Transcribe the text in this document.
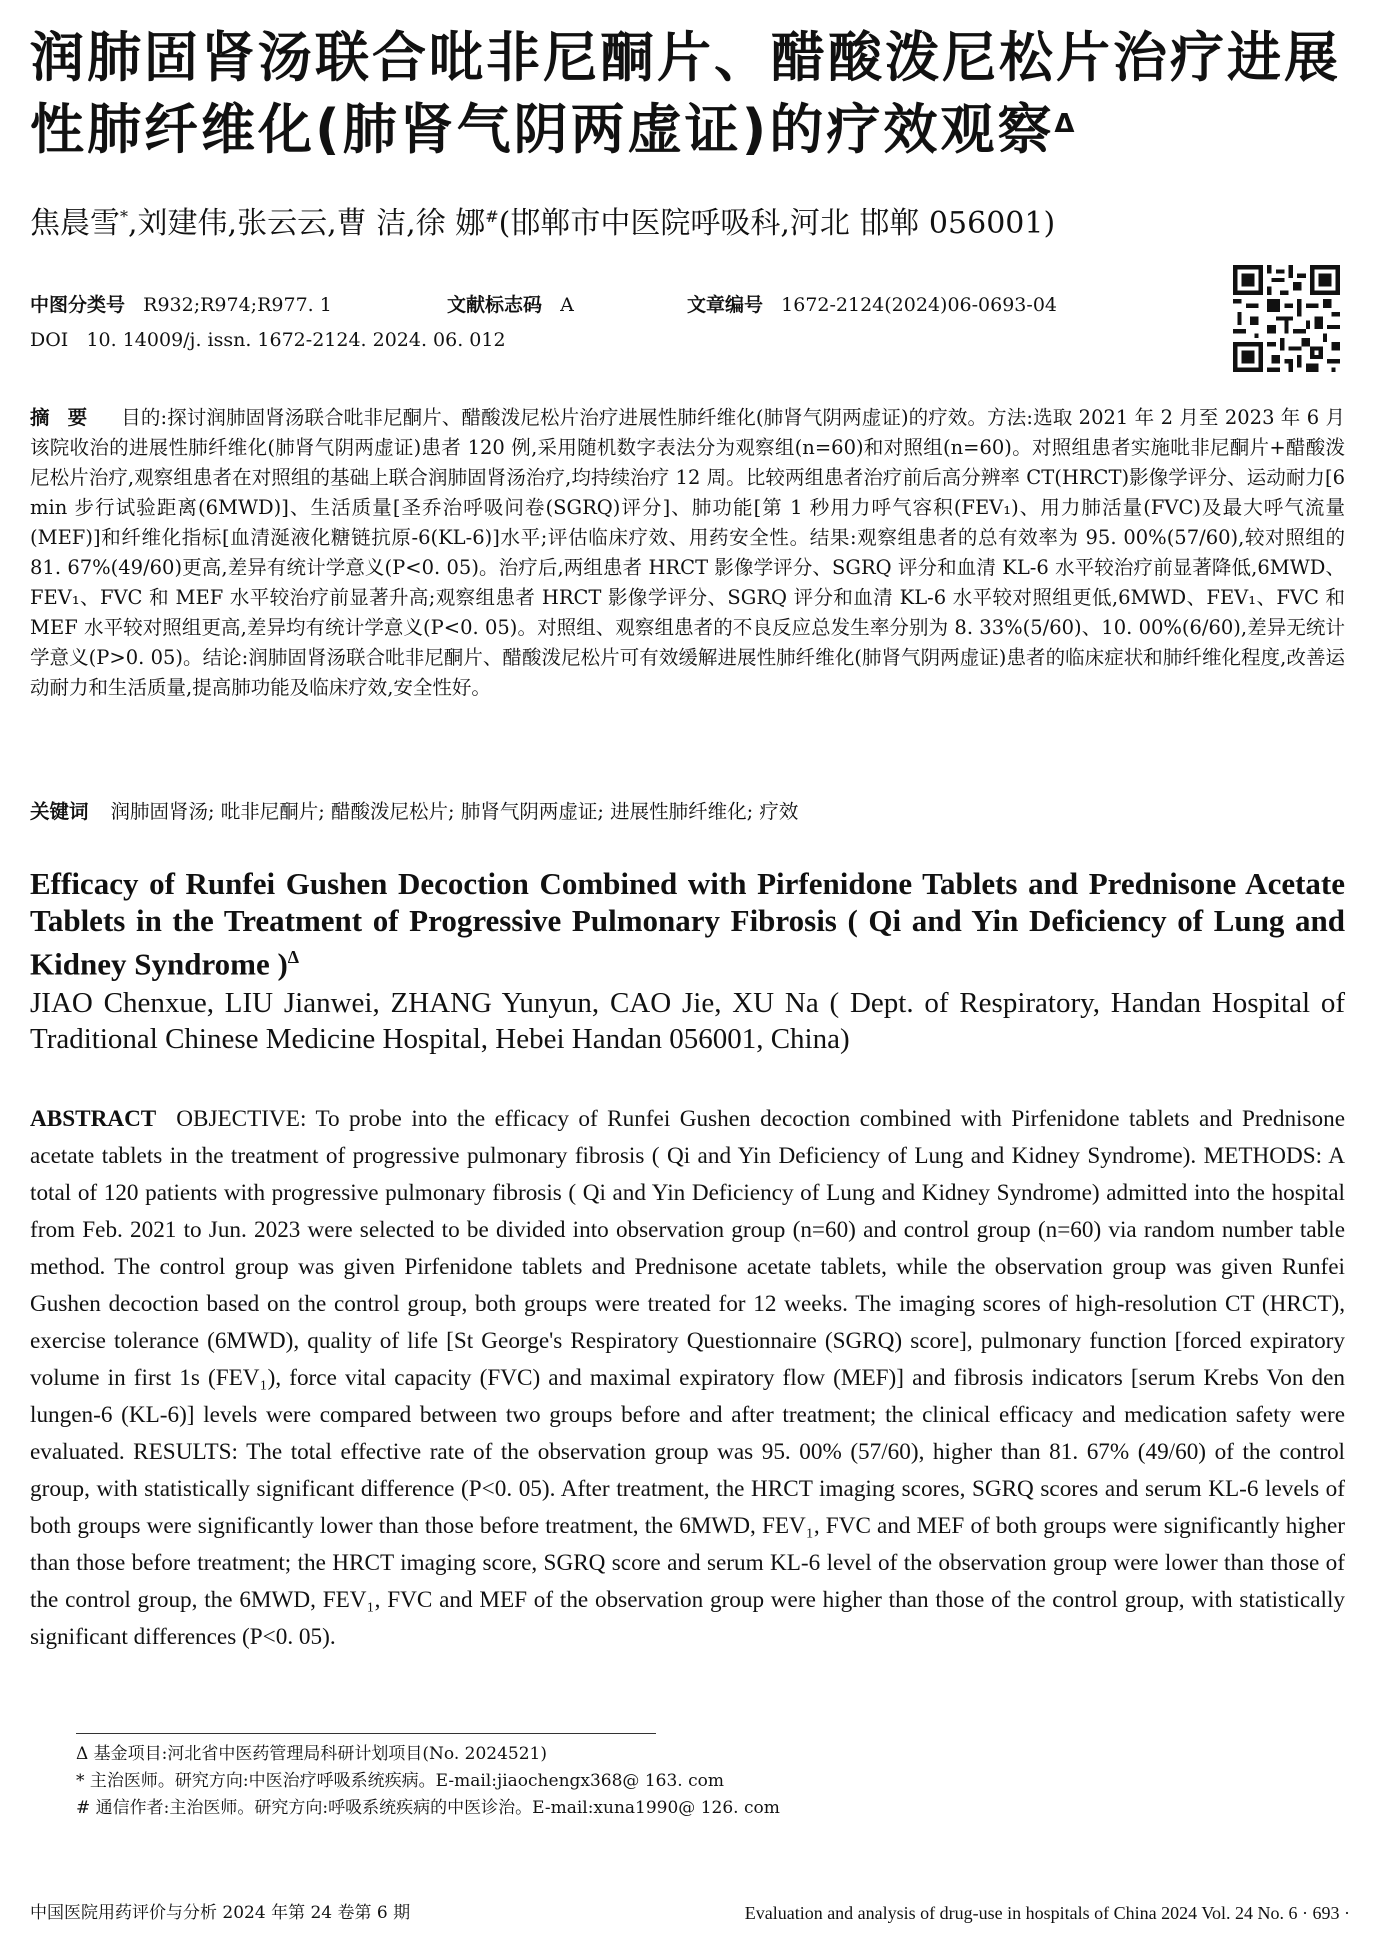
润肺固肾汤联合吡非尼酮片、醋酸泼尼松片治疗进展性肺纤维化(肺肾气阴两虚证)的疗效观察$^\Delta$

焦晨雪*,刘建伟,张云云,曹 洁,徐 娜#(邯郸市中医院呼吸科,河北 邯郸 056001)

中图分类号 R932;R974;R977. 1	文献标志码 A	文章编号 1672-2124(2024)06-0693-04
DOI 10. 14009/j. issn. 1672-2124. 2024. 06. 012

摘要 目的:探讨润肺固肾汤联合吡非尼酮片、醋酸泼尼松片治疗进展性肺纤维化(肺肾气阴两虚证)的疗效。方法:选取 2021 年 2 月至 2023 年 6 月该院收治的进展性肺纤维化(肺肾气阴两虚证)患者 120 例,采用随机数字表法分为观察组(n=60)和对照组(n=60)。对照组患者实施吡非尼酮片+醋酸泼尼松片治疗,观察组患者在对照组的基础上联合润肺固肾汤治疗,均持续治疗 12 周。比较两组患者治疗前后高分辨率 CT(HRCT)影像学评分、运动耐力[6 min 步行试验距离(6MWD)]、生活质量[圣乔治呼吸问卷(SGRQ)评分]、肺功能[第 1 秒用力呼气容积(FEV₁)、用力肺活量(FVC)及最大呼气流量(MEF)]和纤维化指标[血清涎液化糖链抗原-6(KL-6)]水平;评估临床疗效、用药安全性。结果:观察组患者的总有效率为 95. 00%(57/60),较对照组的 81. 67%(49/60)更高,差异有统计学意义(P<0. 05)。治疗后,两组患者 HRCT 影像学评分、SGRQ 评分和血清 KL-6 水平较治疗前显著降低,6MWD、FEV₁、FVC 和 MEF 水平较治疗前显著升高;观察组患者 HRCT 影像学评分、SGRQ 评分和血清 KL-6 水平较对照组更低,6MWD、FEV₁、FVC 和 MEF 水平较对照组更高,差异均有统计学意义(P<0. 05)。对照组、观察组患者的不良反应总发生率分别为 8. 33%(5/60)、10. 00%(6/60),差异无统计学意义(P>0. 05)。结论:润肺固肾汤联合吡非尼酮片、醋酸泼尼松片可有效缓解进展性肺纤维化(肺肾气阴两虚证)患者的临床症状和肺纤维化程度,改善运动耐力和生活质量,提高肺功能及临床疗效,安全性好。

关键词 润肺固肾汤; 吡非尼酮片; 醋酸泼尼松片; 肺肾气阴两虚证; 进展性肺纤维化; 疗效

Efficacy of Runfei Gushen Decoction Combined with Pirfenidone Tablets and Prednisone Acetate Tablets in the Treatment of Progressive Pulmonary Fibrosis ( Qi and Yin Deficiency of Lung and Kidney Syndrome )$^\Delta$

JIAO Chenxue, LIU Jianwei, ZHANG Yunyun, CAO Jie, XU Na ( Dept. of Respiratory, Handan Hospital of Traditional Chinese Medicine Hospital, Hebei Handan 056001, China)

ABSTRACT OBJECTIVE: To probe into the efficacy of Runfei Gushen decoction combined with Pirfenidone tablets and Prednisone acetate tablets in the treatment of progressive pulmonary fibrosis ( Qi and Yin Deficiency of Lung and Kidney Syndrome). METHODS: A total of 120 patients with progressive pulmonary fibrosis ( Qi and Yin Deficiency of Lung and Kidney Syndrome) admitted into the hospital from Feb. 2021 to Jun. 2023 were selected to be divided into observation group (n=60) and control group (n=60) via random number table method. The control group was given Pirfenidone tablets and Prednisone acetate tablets, while the observation group was given Runfei Gushen decoction based on the control group, both groups were treated for 12 weeks. The imaging scores of high-resolution CT (HRCT), exercise tolerance (6MWD), quality of life [St George's Respiratory Questionnaire (SGRQ) score], pulmonary function [forced expiratory volume in first 1s (FEV₁), force vital capacity (FVC) and maximal expiratory flow (MEF)] and fibrosis indicators [serum Krebs Von den lungen-6 (KL-6)] levels were compared between two groups before and after treatment; the clinical efficacy and medication safety were evaluated. RESULTS: The total effective rate of the observation group was 95. 00% (57/60), higher than 81. 67% (49/60) of the control group, with statistically significant difference (P<0. 05). After treatment, the HRCT imaging scores, SGRQ scores and serum KL-6 levels of both groups were significantly lower than those before treatment, the 6MWD, FEV₁, FVC and MEF of both groups were significantly higher than those before treatment; the HRCT imaging score, SGRQ score and serum KL-6 level of the observation group were lower than those of the control group, the 6MWD, FEV₁, FVC and MEF of the observation group were higher than those of the control group, with statistically significant differences (P<0. 05).

Δ 基金项目:河北省中医药管理局科研计划项目(No. 2024521)
* 主治医师。研究方向:中医治疗呼吸系统疾病。E-mail:jiaochengx368@ 163. com
# 通信作者:主治医师。研究方向:呼吸系统疾病的中医诊治。E-mail:xuna1990@ 126. com
中国医院用药评价与分析 2024 年第 24 卷第 6 期	Evaluation and analysis of drug-use in hospitals of China 2024 Vol. 24 No. 6 · 693 ·
